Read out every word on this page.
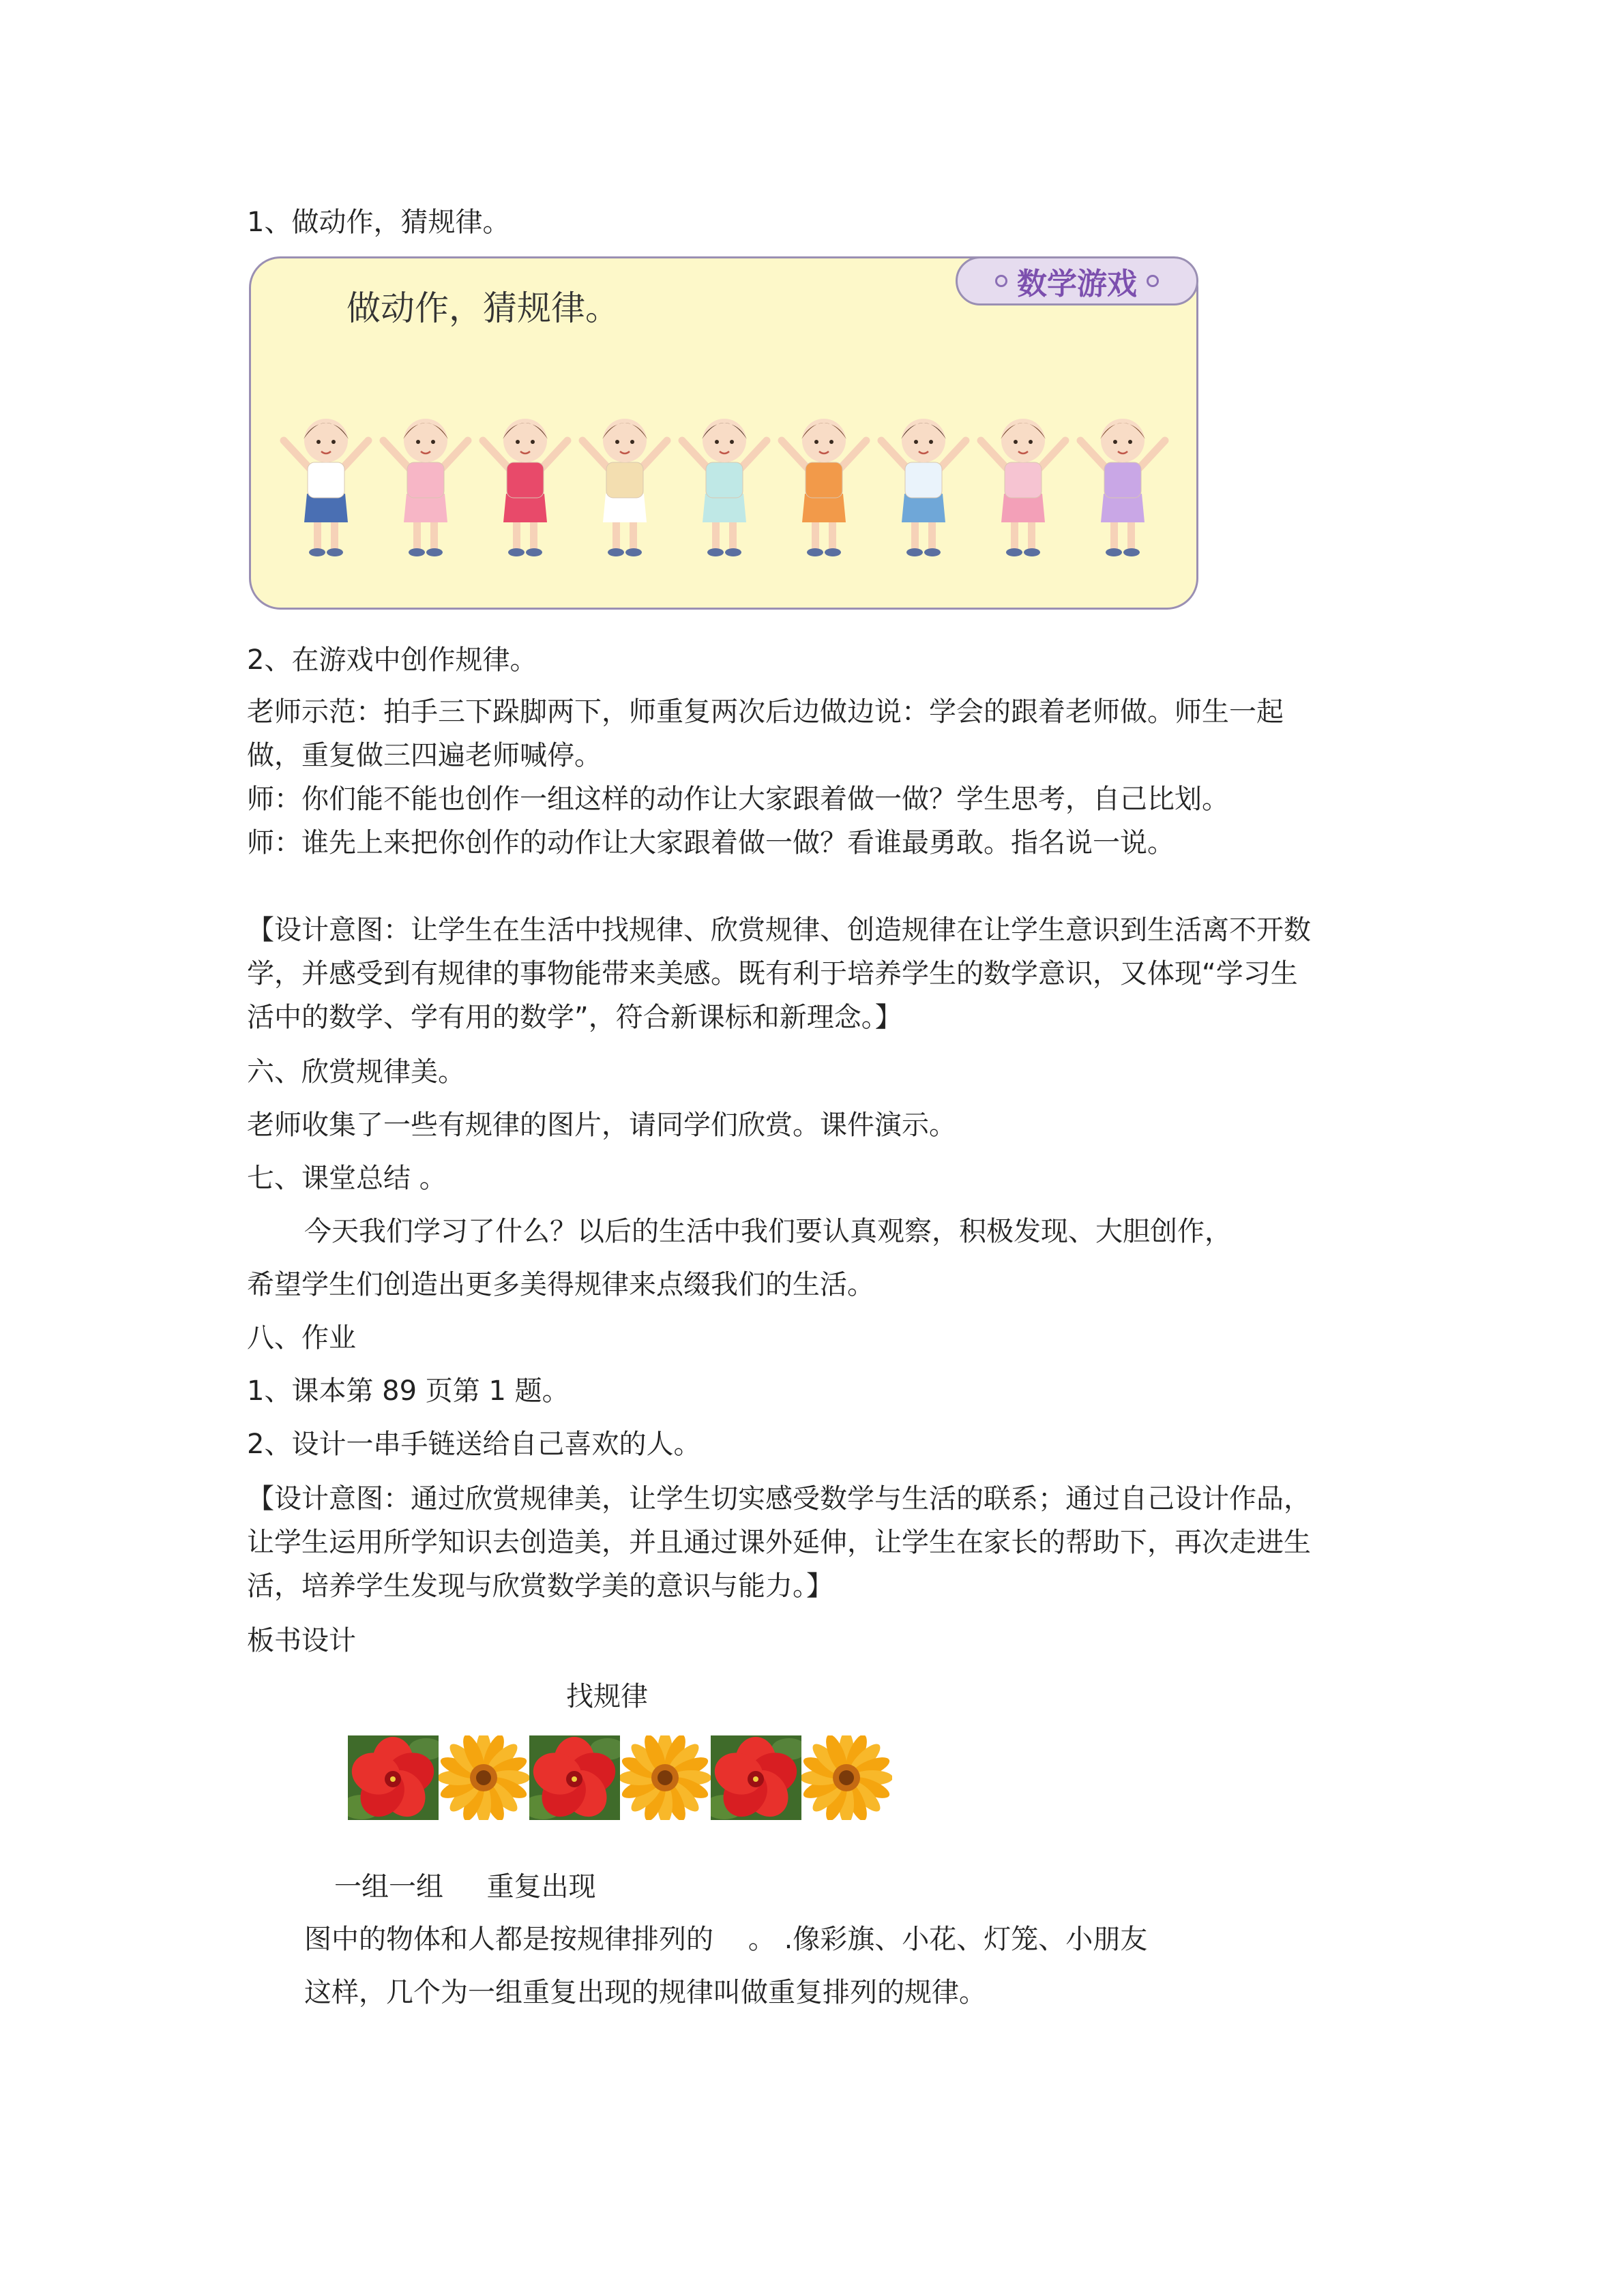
1、做动作，猜规律。
做动作，猜规律。
数学游戏
2、在游戏中创作规律。
老师示范：拍手三下跺脚两下，师重复两次后边做边说：学会的跟着老师做。师生一起
做，重复做三四遍老师喊停。
师：你们能不能也创作一组这样的动作让大家跟着做一做？学生思考，自己比划。
师：谁先上来把你创作的动作让大家跟着做一做？看谁最勇敢。指名说一说。
【设计意图：让学生在生活中找规律、欣赏规律、创造规律在让学生意识到生活离不开数
学，并感受到有规律的事物能带来美感。既有利于培养学生的数学意识，又体现“学习生
活中的数学、学有用的数学”，符合新课标和新理念。】
六、欣赏规律美。
老师收集了一些有规律的图片，请同学们欣赏。课件演示。
七、课堂总结 。
今天我们学习了什么？以后的生活中我们要认真观察，积极发现、大胆创作，
希望学生们创造出更多美得规律来点缀我们的生活。
八、作业
1、课本第 89 页第 1 题。
2、设计一串手链送给自己喜欢的人。
【设计意图：通过欣赏规律美，让学生切实感受数学与生活的联系；通过自己设计作品，
让学生运用所学知识去创造美，并且通过课外延伸，让学生在家长的帮助下，再次走进生
活，培养学生发现与欣赏数学美的意识与能力。】
板书设计
找规律
一组一组     重复出现
图中的物体和人都是按规律排列的    。 .像彩旗、小花、灯笼、小朋友
这样，几个为一组重复出现的规律叫做重复排列的规律。
